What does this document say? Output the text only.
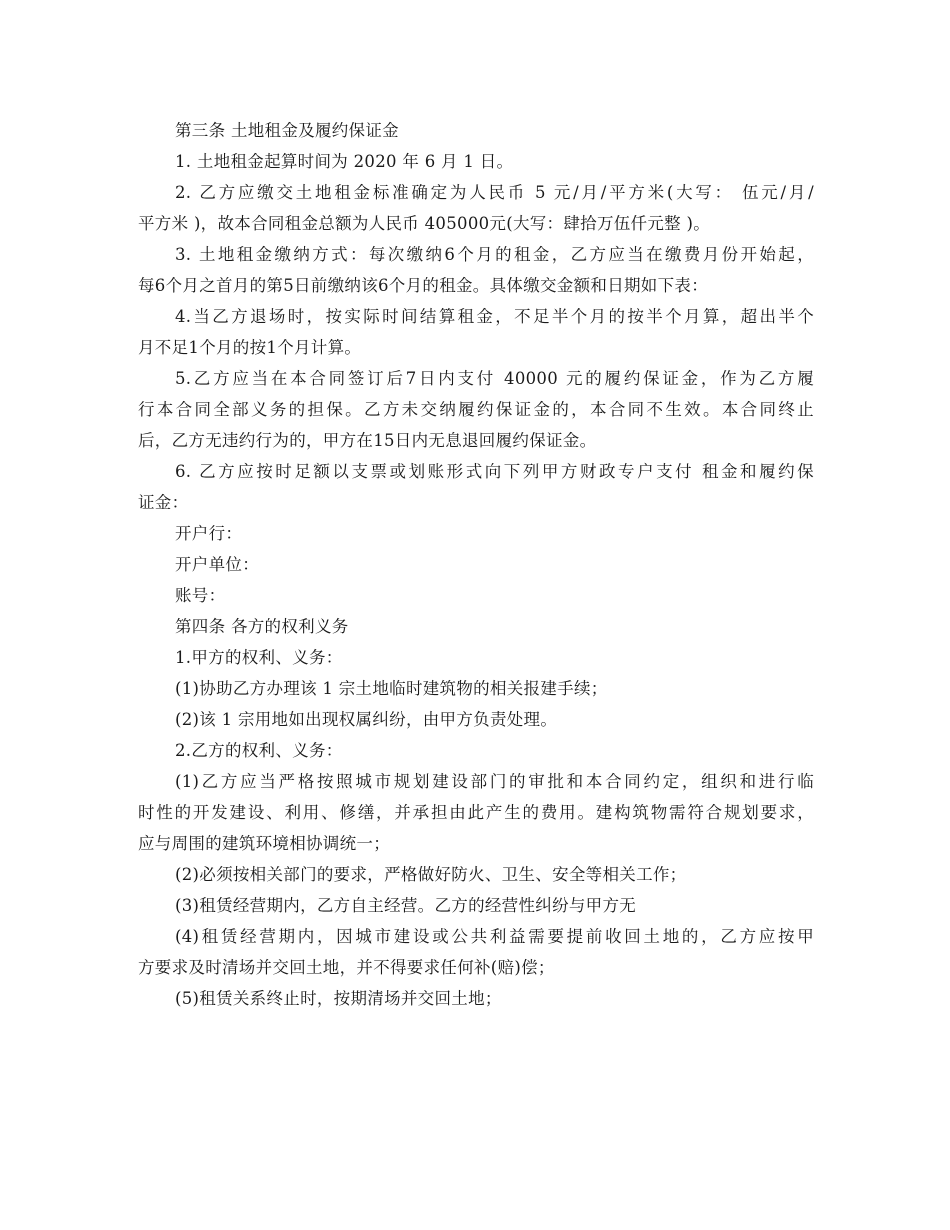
第三条 土地租金及履约保证金
1. 土地租金起算时间为 2020 年 6 月 1 日。
2. 乙方应缴交土地租金标准确定为人民币 5 元/月/平方米(大写： 伍元/月/
平方米 )，故本合同租金总额为人民币 405000元(大写：肆拾万伍仟元整 )。
3. 土地租金缴纳方式：每次缴纳6个月的租金，乙方应当在缴费月份开始起，
每6个月之首月的第5日前缴纳该6个月的租金。具体缴交金额和日期如下表：
4.当乙方退场时，按实际时间结算租金，不足半个月的按半个月算，超出半个
月不足1个月的按1个月计算。
5.乙方应当在本合同签订后7日内支付 40000 元的履约保证金，作为乙方履
行本合同全部义务的担保。乙方未交纳履约保证金的，本合同不生效。本合同终止
后，乙方无违约行为的，甲方在15日内无息退回履约保证金。
6. 乙方应按时足额以支票或划账形式向下列甲方财政专户支付 租金和履约保
证金：
开户行：
开户单位：
账号：
第四条 各方的权利义务
1.甲方的权利、义务：
(1)协助乙方办理该 1 宗土地临时建筑物的相关报建手续；
(2)该 1 宗用地如出现权属纠纷，由甲方负责处理。
2.乙方的权利、义务：
(1)乙方应当严格按照城市规划建设部门的审批和本合同约定，组织和进行临
时性的开发建设、利用、修缮，并承担由此产生的费用。建构筑物需符合规划要求，
应与周围的建筑环境相协调统一；
(2)必须按相关部门的要求，严格做好防火、卫生、安全等相关工作；
(3)租赁经营期内，乙方自主经营。乙方的经营性纠纷与甲方无
(4)租赁经营期内，因城市建设或公共利益需要提前收回土地的，乙方应按甲
方要求及时清场并交回土地，并不得要求任何补(赔)偿；
(5)租赁关系终止时，按期清场并交回土地；
